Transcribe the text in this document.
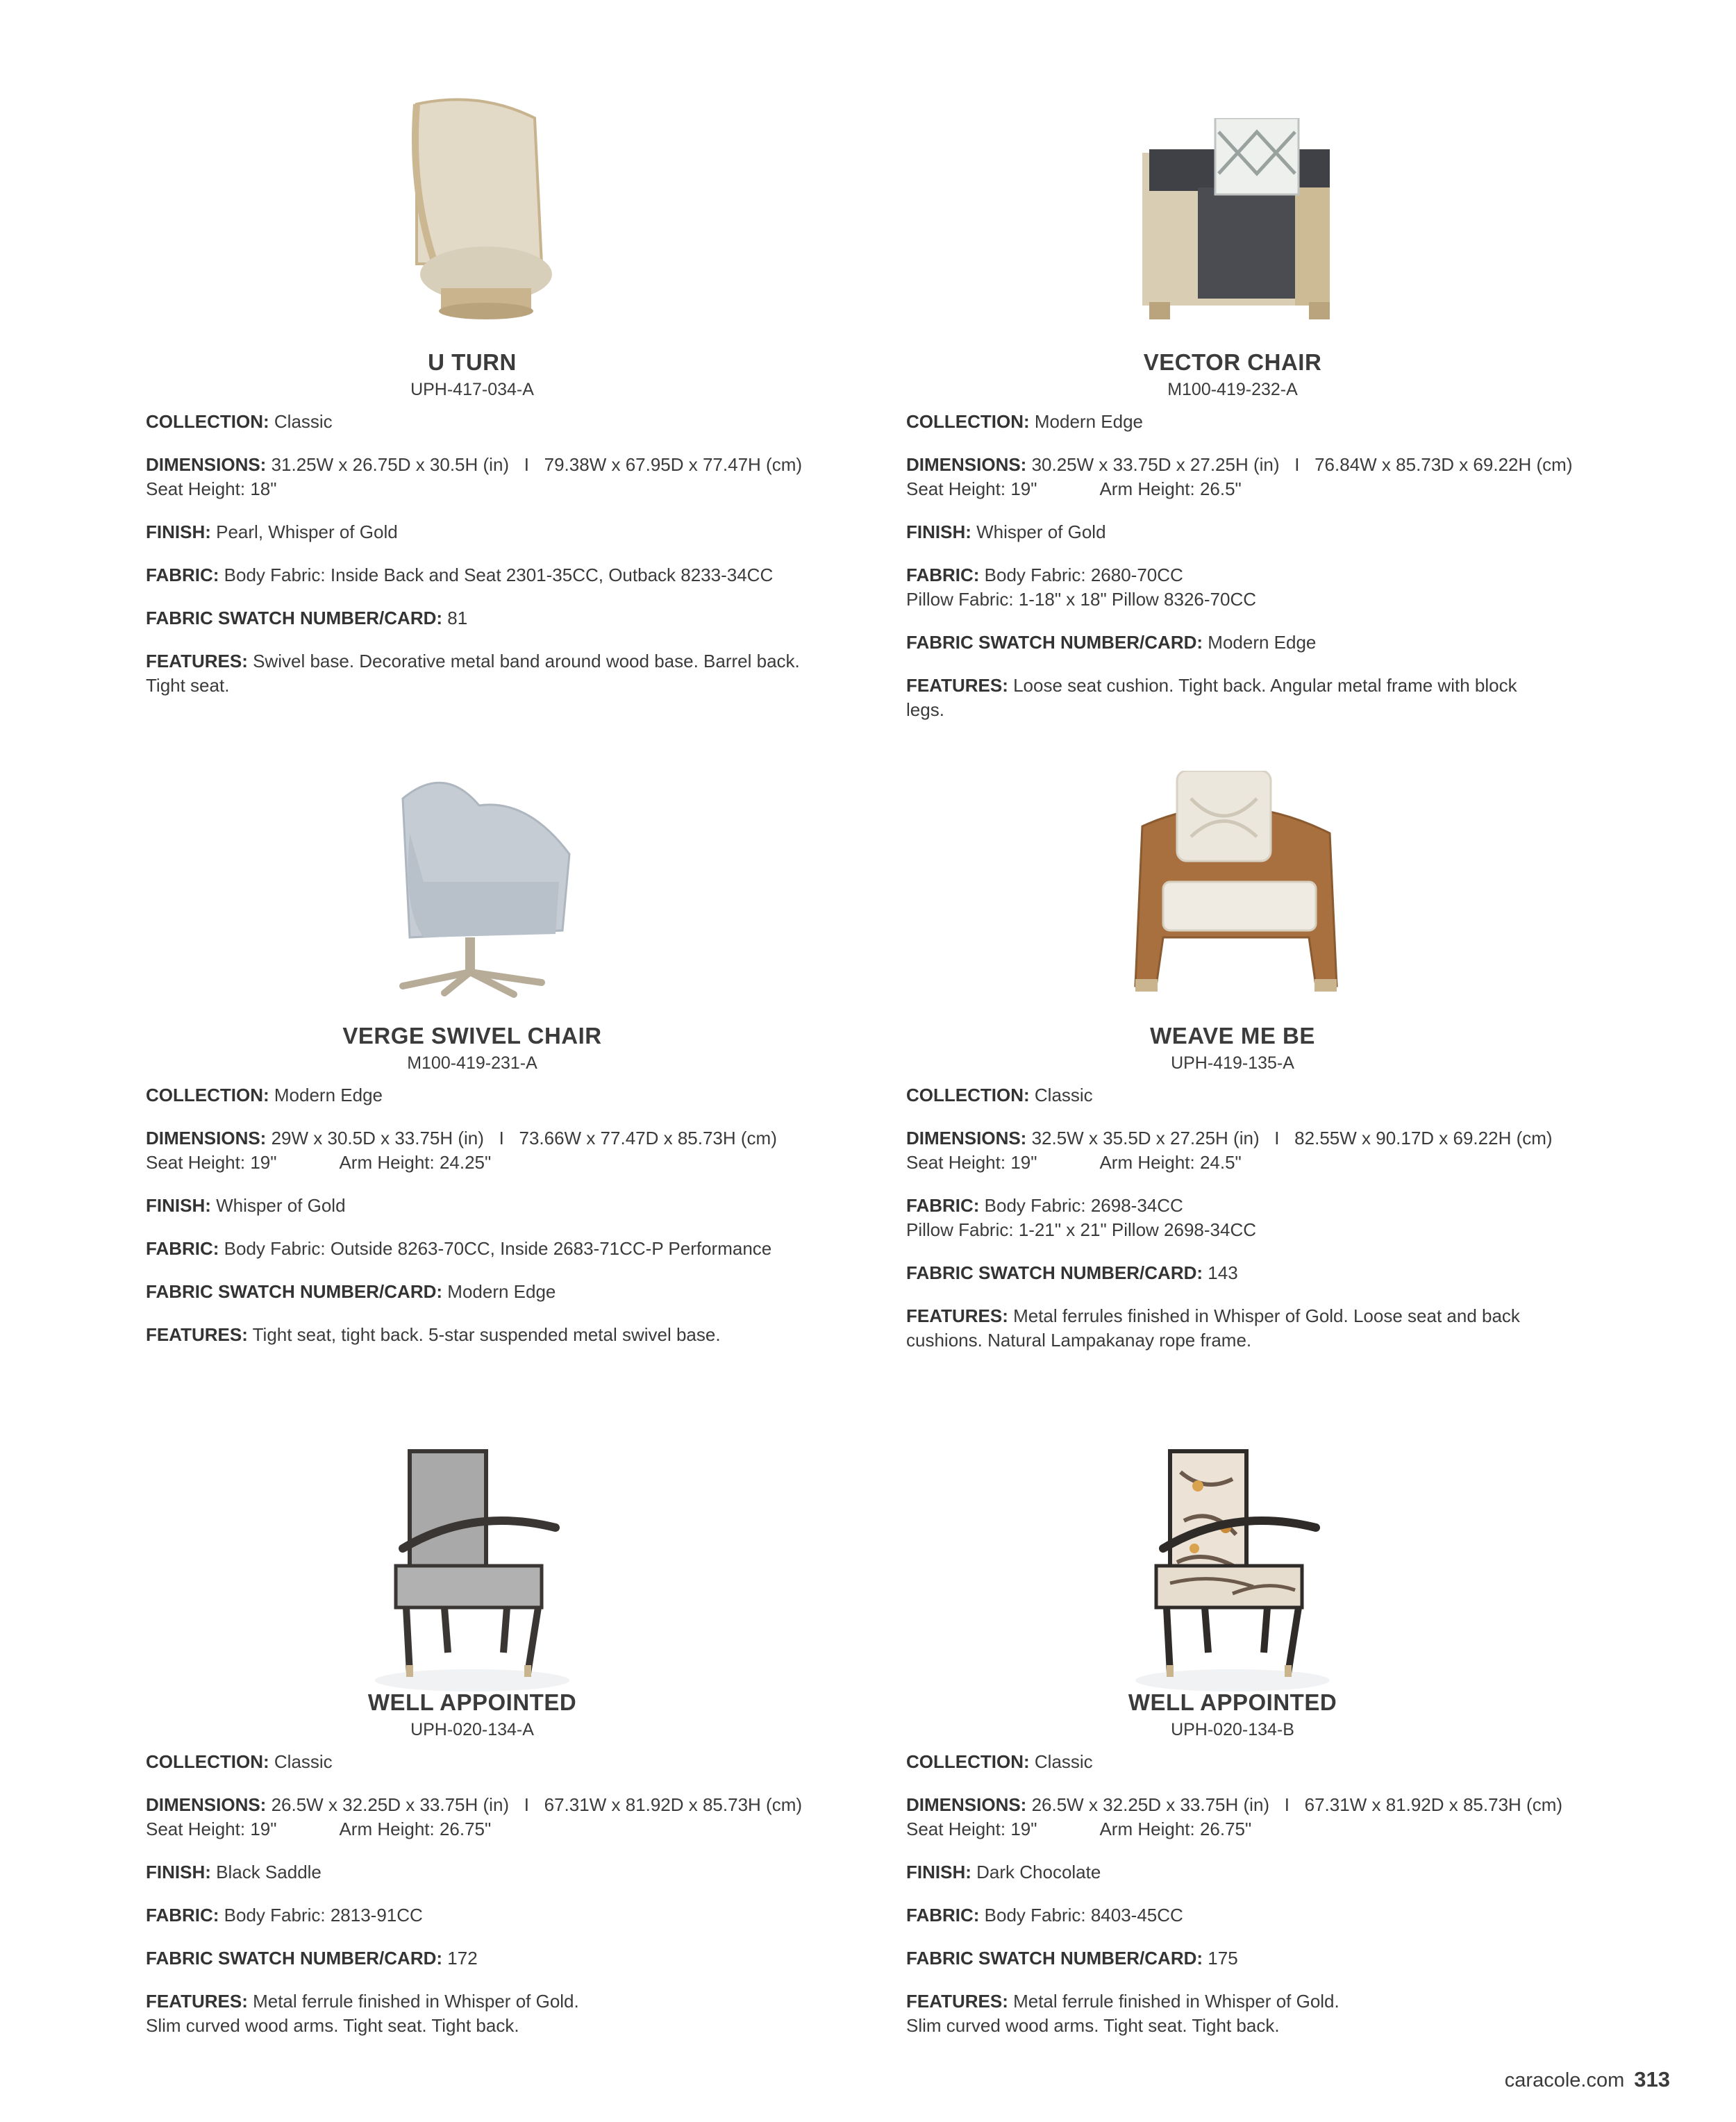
U TURN
UPH-417-034-A
COLLECTION: Classic
DIMENSIONS: 31.25W x 26.75D x 30.5H (in)   I   79.38W x 67.95D x 77.47H (cm)
Seat Height: 18"
FINISH: Pearl, Whisper of Gold
FABRIC: Body Fabric: Inside Back and Seat 2301-35CC, Outback 8233-34CC
FABRIC SWATCH NUMBER/CARD: 81
FEATURES: Swivel base. Decorative metal band around wood base. Barrel back. Tight seat.
VECTOR CHAIR
M100-419-232-A
COLLECTION: Modern Edge
DIMENSIONS: 30.25W x 33.75D x 27.25H (in)   I   76.84W x 85.73D x 69.22H (cm)
Seat Height: 19"	Arm Height: 26.5"
FINISH: Whisper of Gold
FABRIC: Body Fabric: 2680-70CC
Pillow Fabric: 1-18" x 18" Pillow 8326-70CC
FABRIC SWATCH NUMBER/CARD: Modern Edge
FEATURES: Loose seat cushion. Tight back. Angular metal frame with block legs.
VERGE SWIVEL CHAIR
M100-419-231-A
COLLECTION: Modern Edge
DIMENSIONS: 29W x 30.5D x 33.75H (in)   I   73.66W x 77.47D x 85.73H (cm)
Seat Height: 19"	Arm Height: 24.25"
FINISH: Whisper of Gold
FABRIC: Body Fabric: Outside 8263-70CC, Inside 2683-71CC-P Performance
FABRIC SWATCH NUMBER/CARD: Modern Edge
FEATURES: Tight seat, tight back. 5-star suspended metal swivel base.
WEAVE ME BE
UPH-419-135-A
COLLECTION: Classic
DIMENSIONS: 32.5W x 35.5D x 27.25H (in)   I   82.55W x 90.17D x 69.22H (cm)
Seat Height: 19"	Arm Height: 24.5"
FABRIC: Body Fabric: 2698-34CC
Pillow Fabric: 1-21" x 21" Pillow 2698-34CC
FABRIC SWATCH NUMBER/CARD: 143
FEATURES: Metal ferrules finished in Whisper of Gold. Loose seat and back cushions. Natural Lampakanay rope frame.
WELL APPOINTED
UPH-020-134-A
COLLECTION: Classic
DIMENSIONS: 26.5W x 32.25D x 33.75H (in)   I   67.31W x 81.92D x 85.73H (cm)
Seat Height: 19"	Arm Height: 26.75"
FINISH: Black Saddle
FABRIC: Body Fabric: 2813-91CC
FABRIC SWATCH NUMBER/CARD: 172
FEATURES: Metal ferrule finished in Whisper of Gold.
Slim curved wood arms. Tight seat. Tight back.
WELL APPOINTED
UPH-020-134-B
COLLECTION: Classic
DIMENSIONS: 26.5W x 32.25D x 33.75H (in)   I   67.31W x 81.92D x 85.73H (cm)
Seat Height: 19"	Arm Height: 26.75"
FINISH: Dark Chocolate
FABRIC: Body Fabric: 8403-45CC
FABRIC SWATCH NUMBER/CARD: 175
FEATURES: Metal ferrule finished in Whisper of Gold.
Slim curved wood arms. Tight seat. Tight back.
caracole.com 313
